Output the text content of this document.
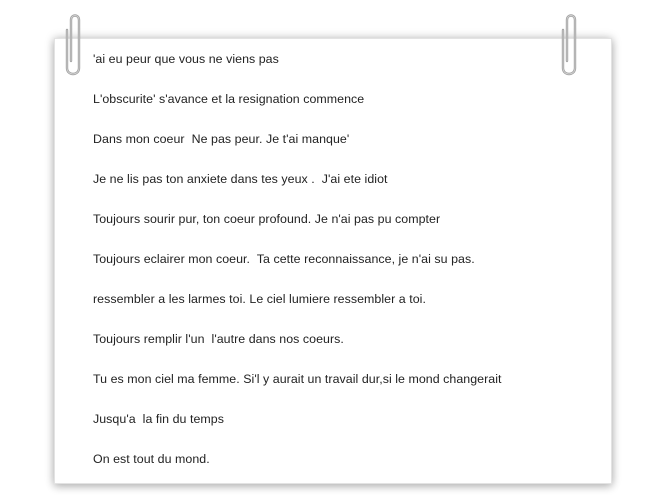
'ai eu peur que vous ne viens pas
L'obscurite' s'avance et la resignation commence
Dans mon coeur  Ne pas peur. Je t'ai manque'
Je ne lis pas ton anxiete dans tes yeux .  J'ai ete idiot
Toujours sourir pur, ton coeur profound. Je n'ai pas pu compter
Toujours eclairer mon coeur.  Ta cette reconnaissance, je n'ai su pas.
ressembler a les larmes toi. Le ciel lumiere ressembler a toi.
Toujours remplir l'un  l'autre dans nos coeurs.
Tu es mon ciel ma femme. Si'l y aurait un travail dur,si le mond changerait
Jusqu'a  la fin du temps
On est tout du mond.
